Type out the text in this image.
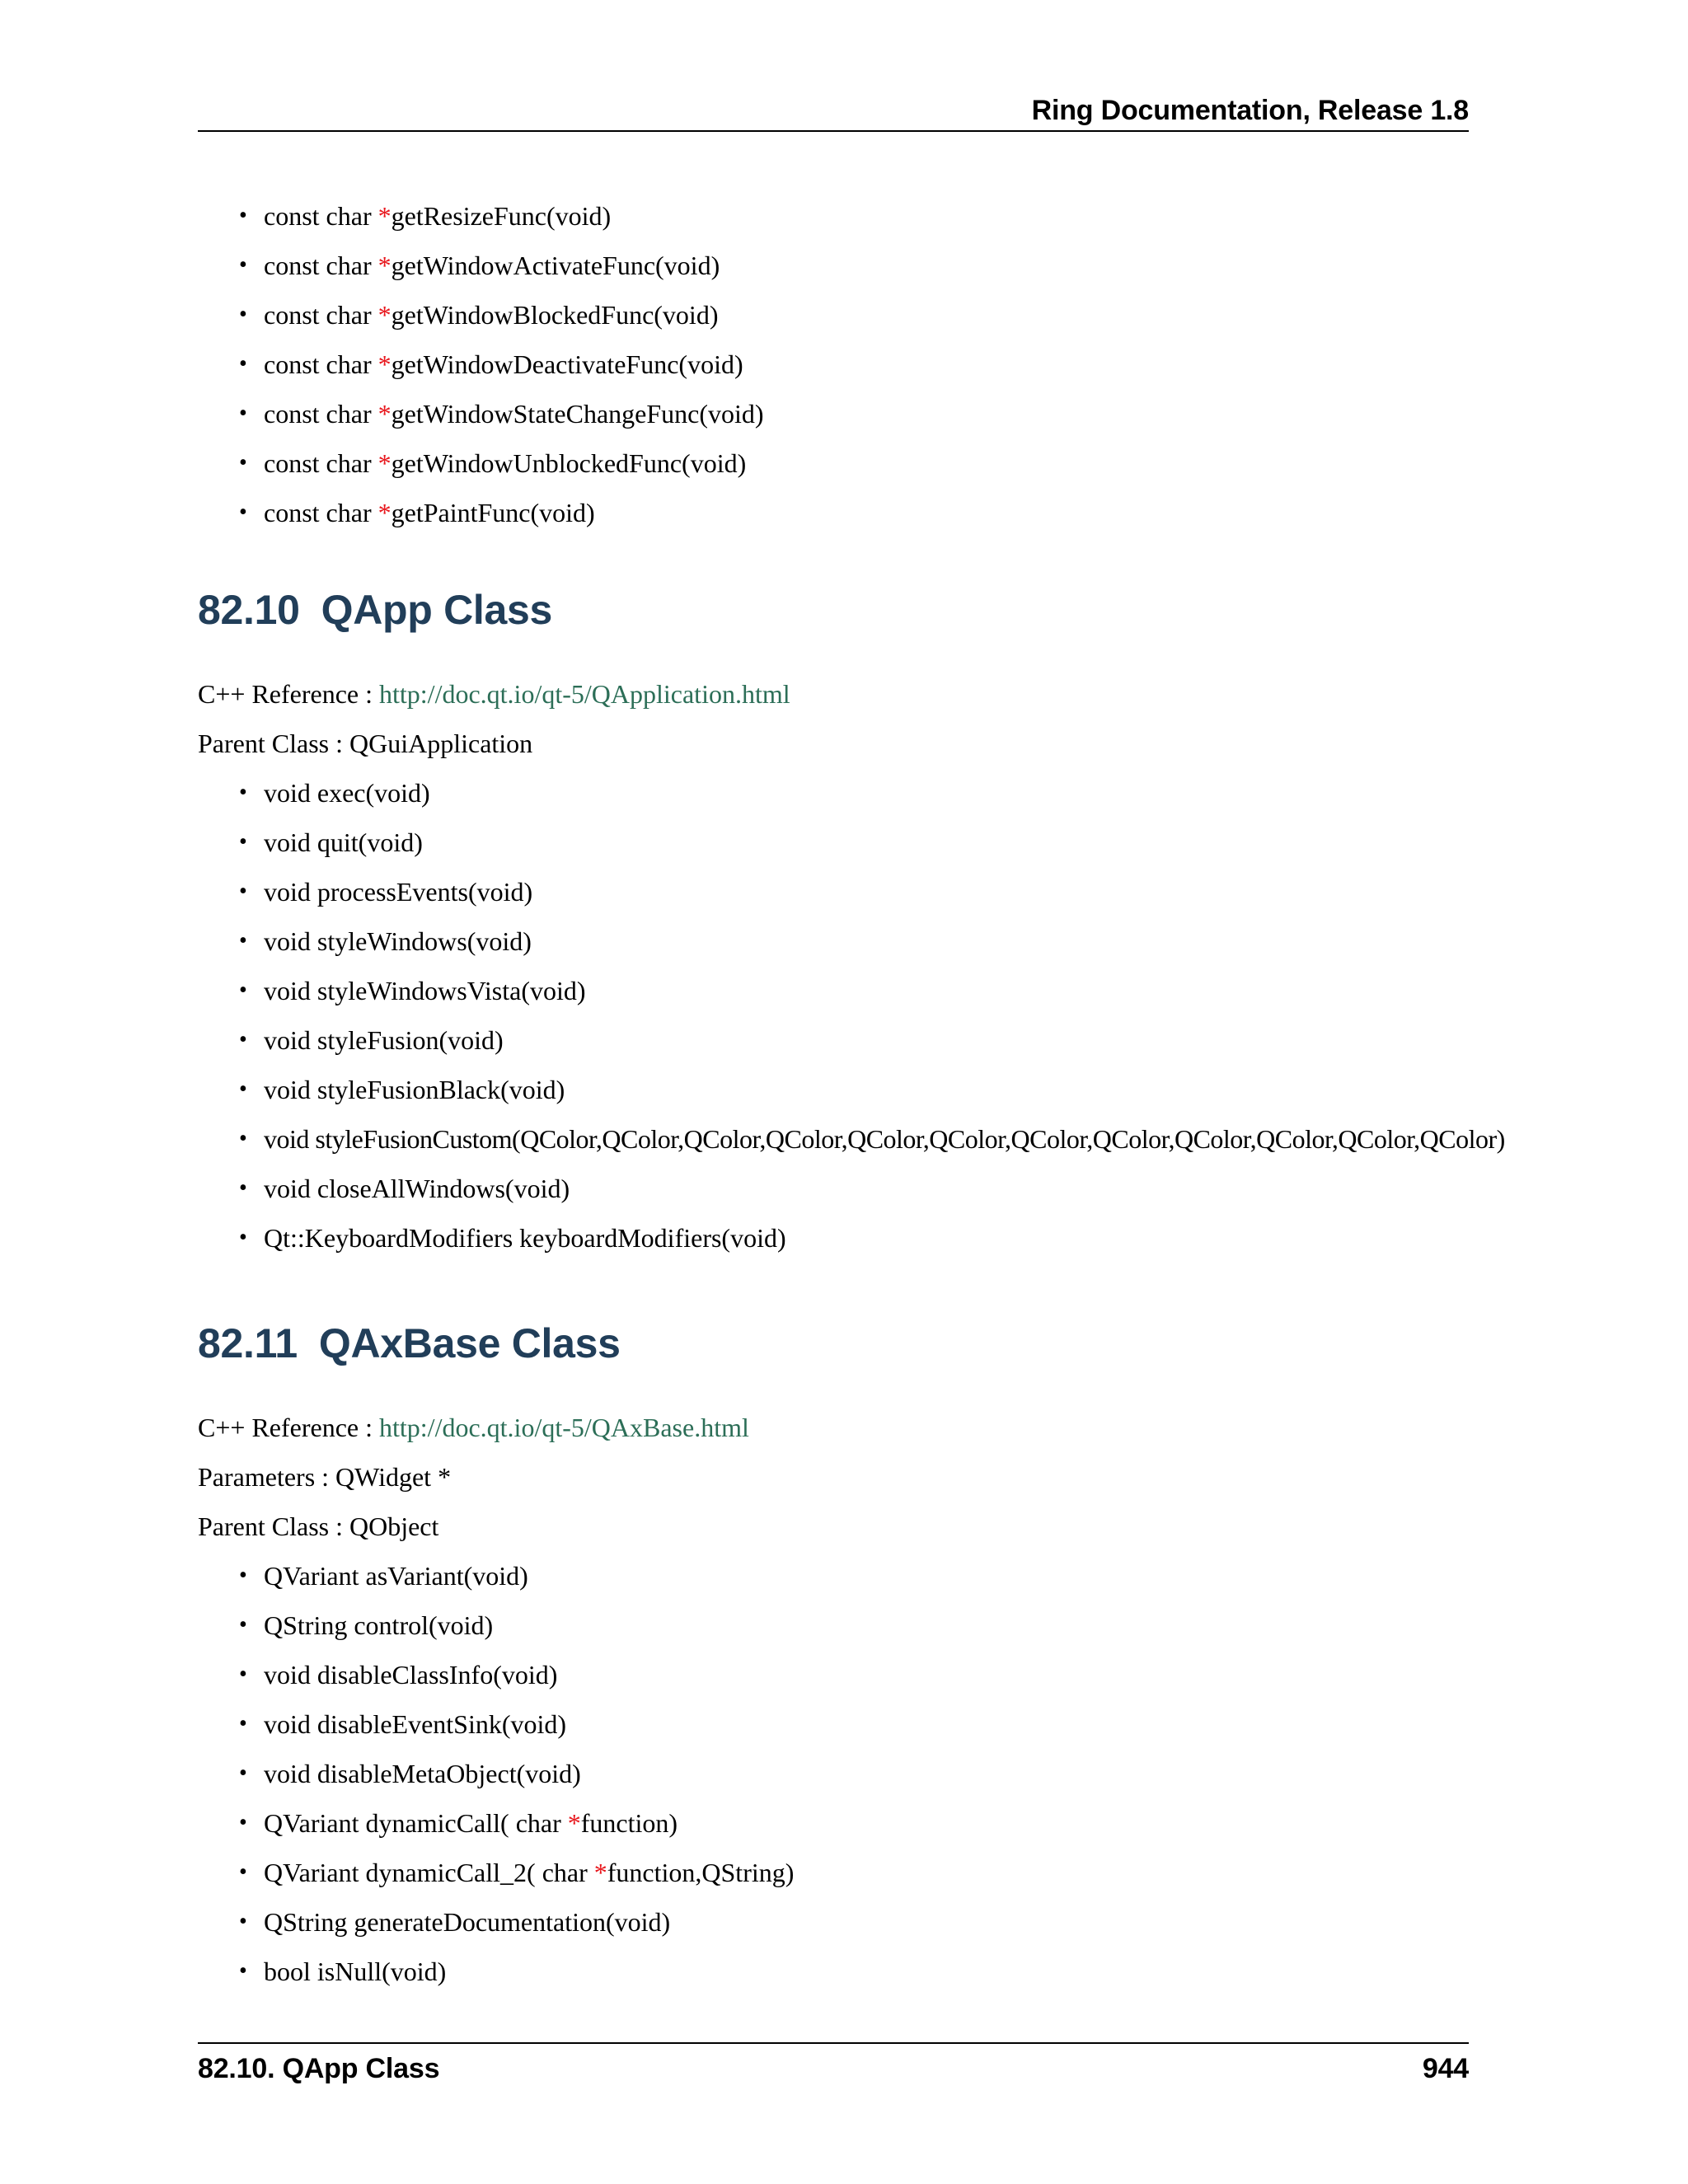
Ring Documentation, Release 1.8
• const char *getResizeFunc(void)
• const char *getWindowActivateFunc(void)
• const char *getWindowBlockedFunc(void)
• const char *getWindowDeactivateFunc(void)
• const char *getWindowStateChangeFunc(void)
• const char *getWindowUnblockedFunc(void)
• const char *getPaintFunc(void)
82.10 QApp Class
C++ Reference : http://doc.qt.io/qt-5/QApplication.html
Parent Class : QGuiApplication
• void exec(void)
• void quit(void)
• void processEvents(void)
• void styleWindows(void)
• void styleWindowsVista(void)
• void styleFusion(void)
• void styleFusionBlack(void)
• void styleFusionCustom(QColor,QColor,QColor,QColor,QColor,QColor,QColor,QColor,QColor,QColor,QColor,QColor)
• void closeAllWindows(void)
• Qt::KeyboardModifiers keyboardModifiers(void)
82.11 QAxBase Class
C++ Reference : http://doc.qt.io/qt-5/QAxBase.html
Parameters : QWidget *
Parent Class : QObject
• QVariant asVariant(void)
• QString control(void)
• void disableClassInfo(void)
• void disableEventSink(void)
• void disableMetaObject(void)
• QVariant dynamicCall( char *function)
• QVariant dynamicCall_2( char *function,QString)
• QString generateDocumentation(void)
• bool isNull(void)
82.10. QApp Class	944
